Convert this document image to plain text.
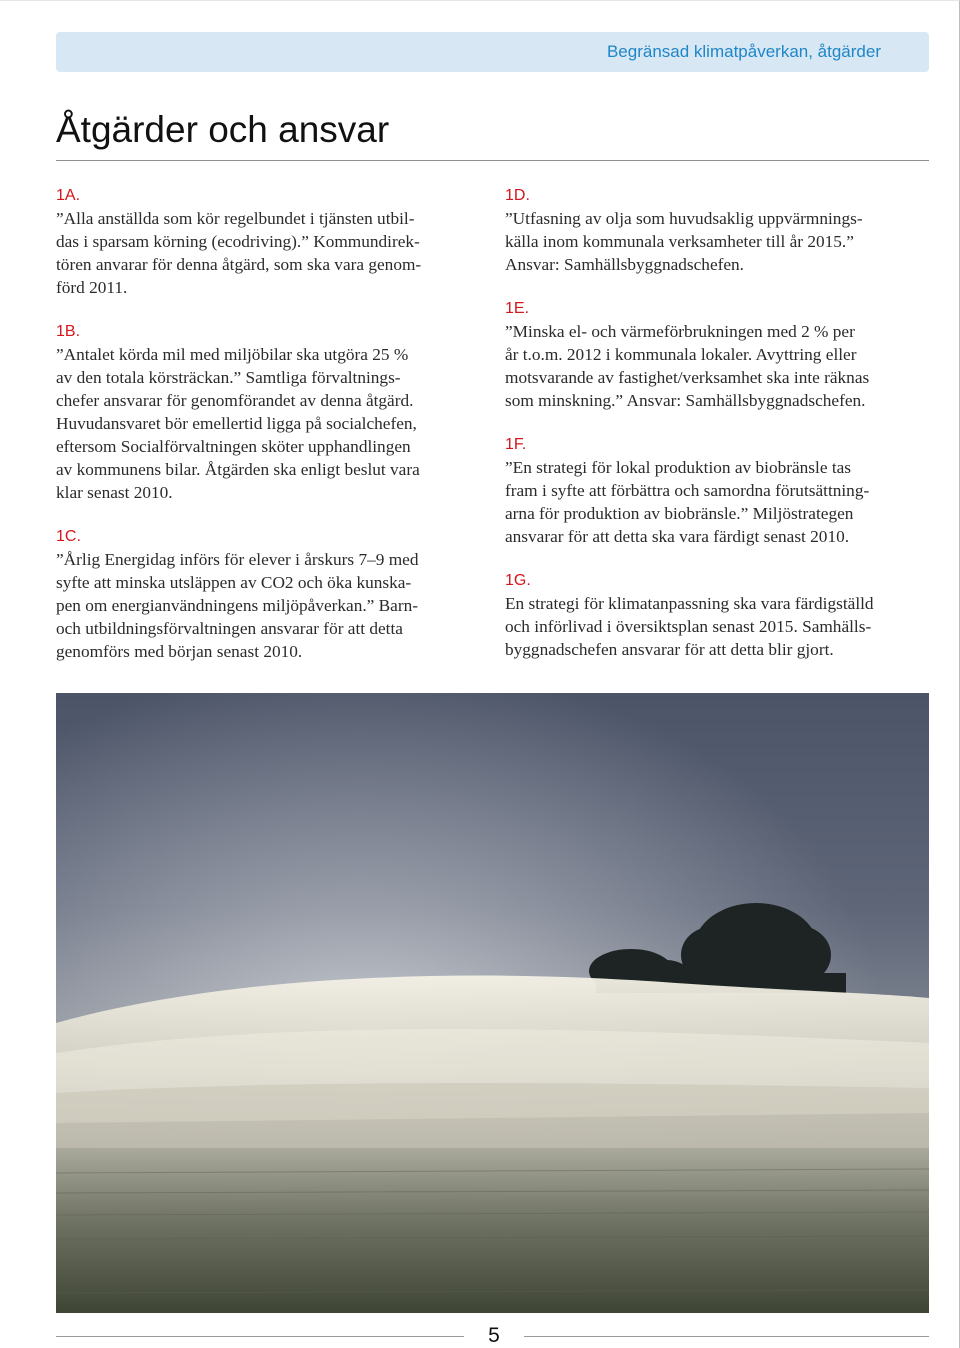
Begränsad klimatpåverkan, åtgärder
Åtgärder och ansvar
1A.

”Alla anställda som kör regelbundet i tjänsten utbil-
das i sparsam körning (ecodriving).” Kommundirek-
tören anvarar för denna åtgärd, som ska vara genom-
förd 2011.

1B.

”Antalet körda mil med miljöbilar ska utgöra 25 %
av den totala körsträckan.” Samtliga förvaltnings-
chefer ansvarar för genomförandet av denna åtgärd.
Huvudansvaret bör emellertid ligga på socialchefen,
eftersom Socialförvaltningen sköter upphandlingen
av kommunens bilar. Åtgärden ska enligt beslut vara
klar senast 2010.

1C.

”Årlig Energidag införs för elever i årskurs 7–9 med
syfte att minska utsläppen av CO2 och öka kunska-
pen om energianvändningens miljöpåverkan.” Barn-
och utbildningsförvaltningen ansvarar för att detta
genomförs med början senast 2010.

1D.

”Utfasning av olja som huvudsaklig uppvärmnings-
källa inom kommunala verksamheter till år 2015.”
Ansvar: Samhällsbyggnadschefen.

1E.

”Minska el- och värmeförbrukningen med 2 % per
år t.o.m. 2012 i kommunala lokaler. Avyttring eller
motsvarande av fastighet/verksamhet ska inte räknas
som minskning.” Ansvar: Samhällsbyggnadschefen.

1F.

”En strategi för lokal produktion av biobränsle tas
fram i syfte att förbättra och samordna förutsättning-
arna för produktion av biobränsle.” Miljöstrategen
ansvarar för att detta ska vara färdigt senast 2010.

1G.

En strategi för klimatanpassning ska vara färdigställd
och införlivad i översiktsplan senast 2015. Samhälls-
byggnadschefen ansvarar för att detta blir gjort.

5
